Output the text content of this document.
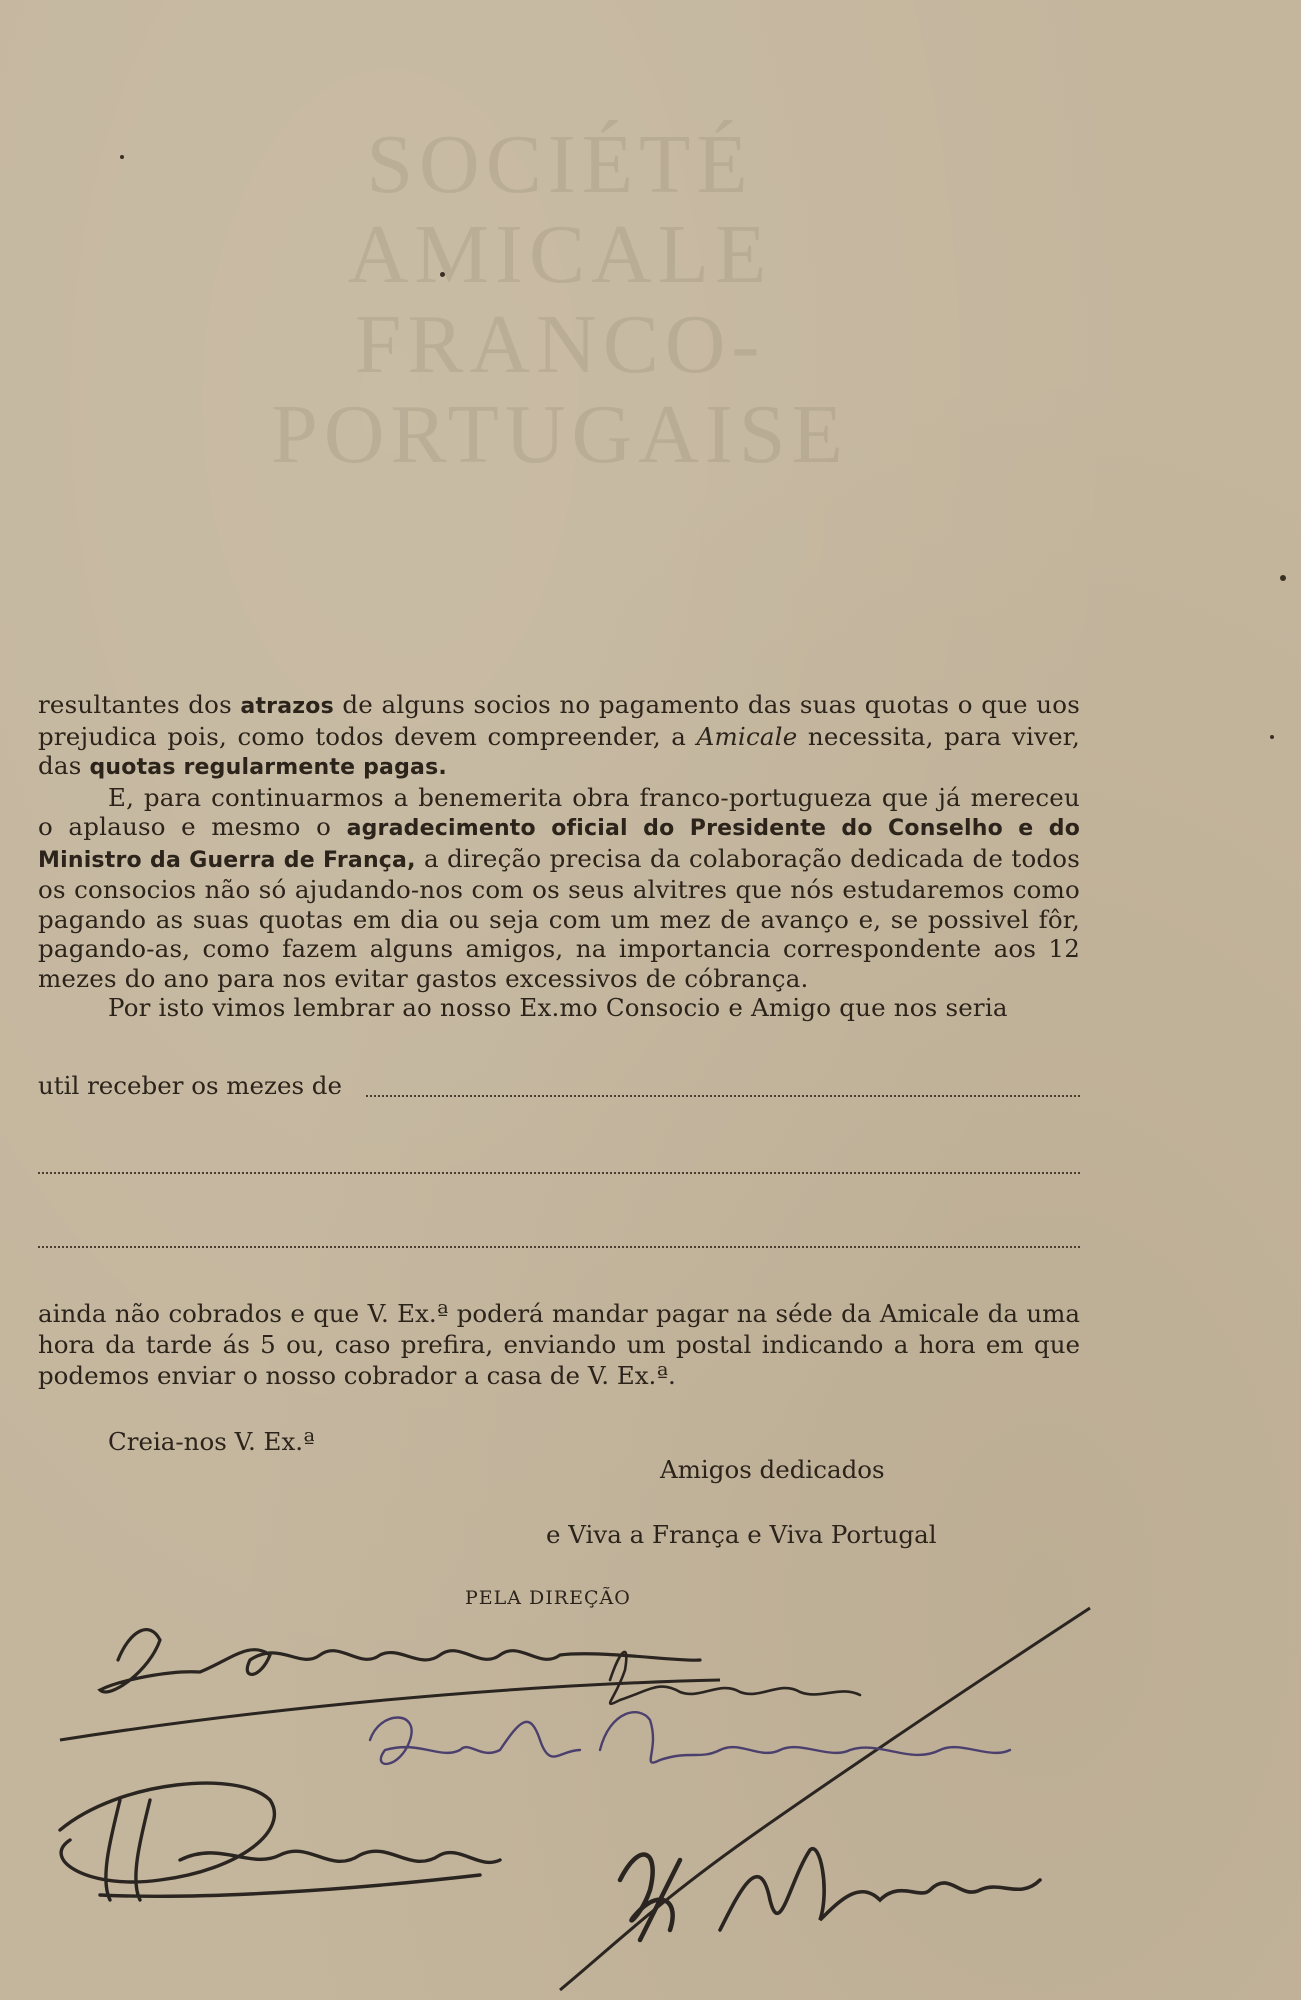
resultantes dos atrazos de alguns socios no pagamento das suas quotas o que uos prejudica pois, como todos devem compreender, a Amicale necessita, para viver, das quotas regularmente pagas.

E, para continuarmos a benemerita obra franco-portugueza que já mereceu o aplauso e mesmo o agradecimento oficial do Presidente do Conselho e do Ministro da Guerra de França, a direção precisa da colaboração dedicada de todos os consocios não só ajudando-nos com os seus alvitres que nós estudaremos como pagando as suas quotas em dia ou seja com um mez de avanço e, se possivel fôr, pagando-as, como fazem alguns amigos, na importancia correspondente aos 12 mezes do ano para nos evitar gastos excessivos de cóbrança.

Por isto vimos lembrar ao nosso Ex.mo Consocio e Amigo que nos seria

util receber os mezes de

ainda não cobrados e que V. Ex.ª poderá mandar pagar na séde da Amicale da uma hora da tarde ás 5 ou, caso prefira, enviando um postal indicando a hora em que podemos enviar o nosso cobrador a casa de V. Ex.ª.

Creia-nos V. Ex.ª
Amigos dedicados
e Viva a França e Viva Portugal
PELA DIREÇÃO
